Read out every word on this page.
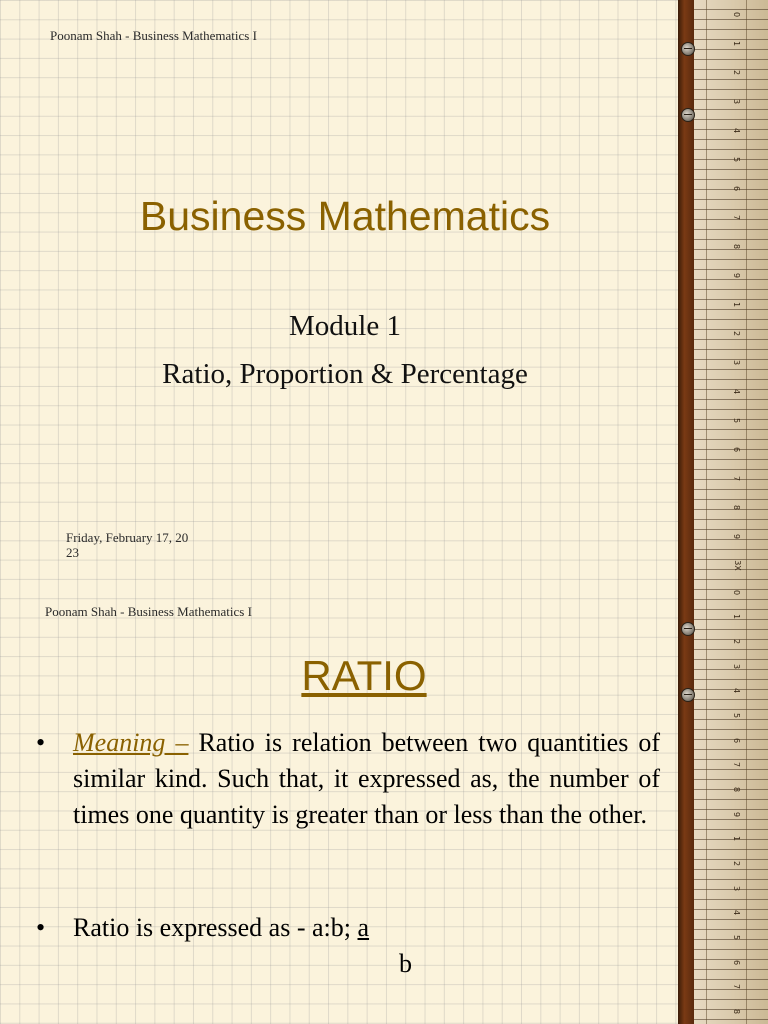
Poonam Shah - Business Mathematics I
Business Mathematics
Module 1
Ratio, Proportion & Percentage
Friday, February 17, 20
23
0
1
2
3
4
5
6
7
8
9
1
2
3
4
5
6
7
8
9
3X
Poonam Shah - Business Mathematics I
RATIO
• Meaning – Ratio is relation between two quantities of similar kind. Such that, it expressed as, the number of times one quantity is greater than or less than the other.
• Ratio is expressed as - a:b; a
b
0
1
2
3
4
5
6
7
8
9
1
2
3
4
5
6
7
8
